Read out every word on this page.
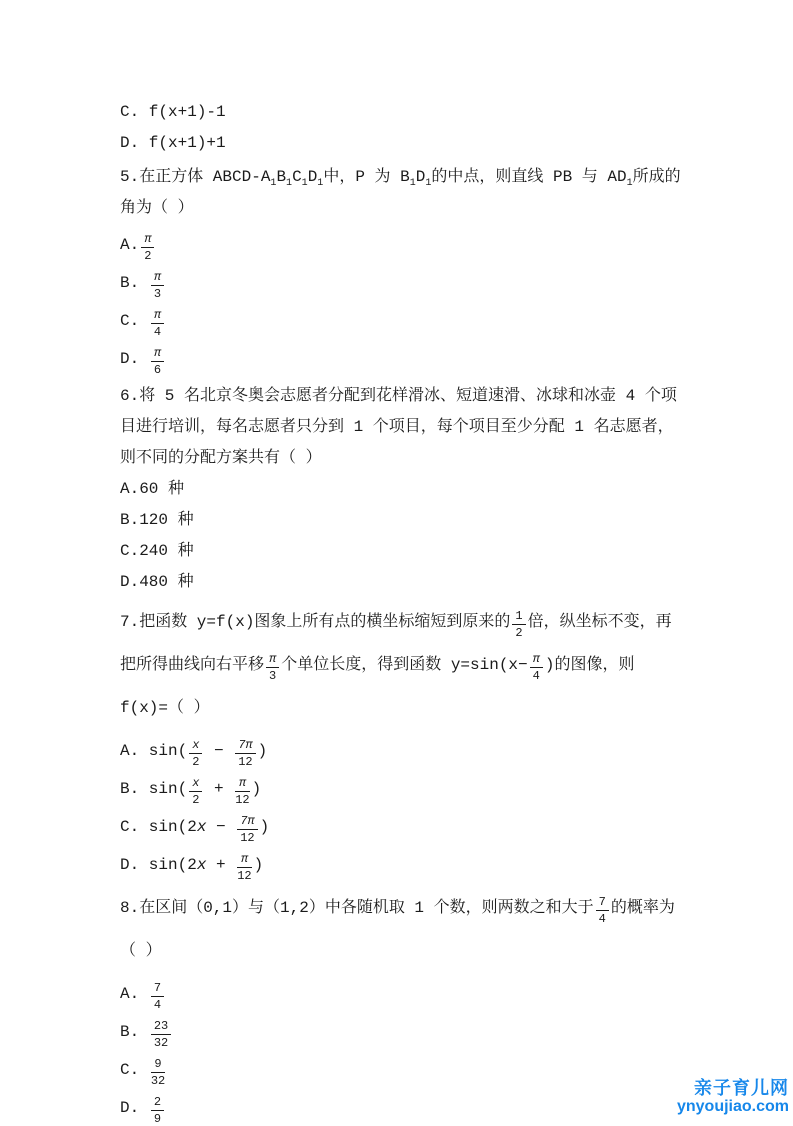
C. f(x+1)-1
D. f(x+1)+1
5.在正方体 ABCD-$A_1B_1C_1D_1$中，P 为 $B_1D_1$的中点，则直线 PB 与 $AD_1$所成的角为（ ）
A. $\frac{\pi}{2}$
B. $\frac{\pi}{3}$
C. $\frac{\pi}{4}$
D. $\frac{\pi}{6}$
6.将 5 名北京冬奥会志愿者分配到花样滑冰、短道速滑、冰球和冰壶 4 个项目进行培训，每名志愿者只分到 1 个项目，每个项目至少分配 1 名志愿者，则不同的分配方案共有（ ）
A.60 种
B.120 种
C.240 种
D.480 种
7.把函数 y=f(x)图象上所有点的横坐标缩短到原来的 $\frac{1}{2}$ 倍，纵坐标不变，再把所得曲线向右平移 $\frac{\pi}{3}$ 个单位长度，得到函数 $y=\sin(x- \frac{\pi}{4}$ )的图像，则 f(x)=（ ）
A. $\sin( \frac{x}{2} - \frac{7\pi}{12}$ )
B. $\sin( \frac{x}{2} + \frac{\pi}{12}$ )
C. $\sin(2x - \frac{7\pi}{12}$ )
D. $\sin(2x + \frac{\pi}{12}$ )
8.在区间（0,1）与（1,2）中各随机取 1 个数，则两数之和大于 $\frac{7}{4}$ 的概率为（ ）
A. $\frac{7}{4}$
B. $\frac{23}{32}$
C. $\frac{9}{32}$
D. $\frac{2}{9}$
亲子育儿网
ynyoujiao.com
